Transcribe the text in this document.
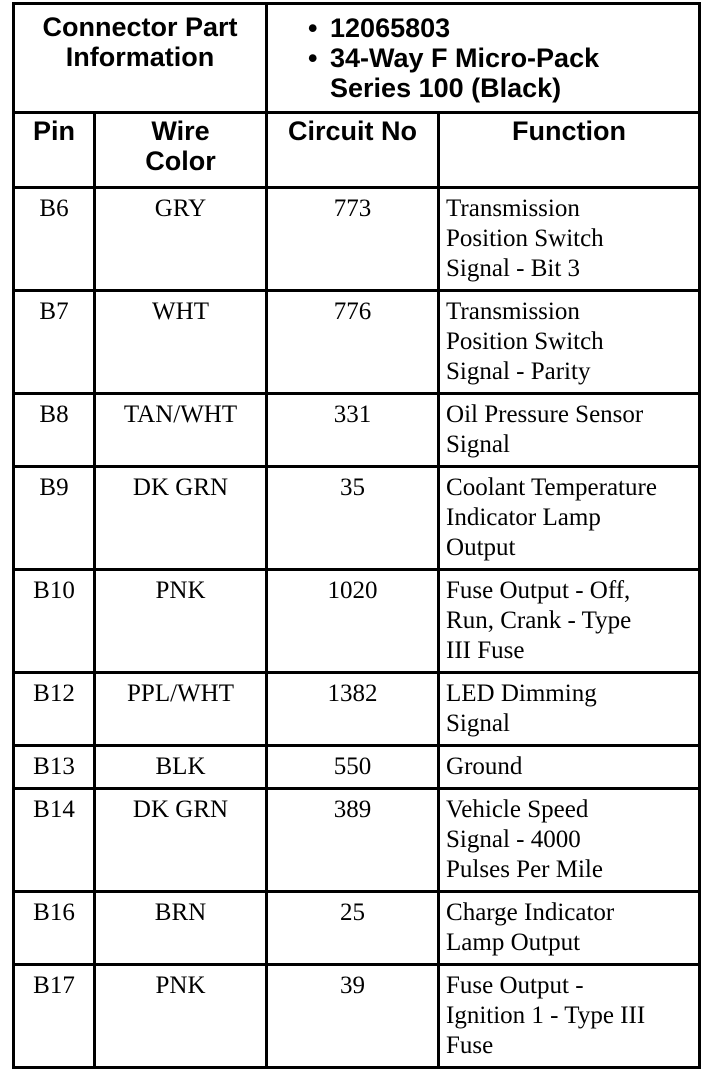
Connector Part Information		• 12065803
• 34-Way F Micro-Pack
Series 100 (Black)	

Pin	Wire Color	Circuit No	Function
B6	GRY	773	Transmission
Position Switch
Signal - Bit 3

B7	WHT	776	Transmission
Position Switch
Signal - Parity

B8	TAN/WHT	331	Oil Pressure Sensor
Signal

B9	DK GRN	35	Coolant Temperature
Indicator Lamp
Output

B10	PNK	1020	Fuse Output - Off,
Run, Crank - Type
III Fuse

B12	PPL/WHT	1382	LED Dimming
Signal

B13	BLK	550	Ground

B14	DK GRN	389	Vehicle Speed
Signal - 4000
Pulses Per Mile

B16	BRN	25	Charge Indicator
Lamp Output

B17	PNK	39	Fuse Output -
Ignition 1 - Type III
Fuse
